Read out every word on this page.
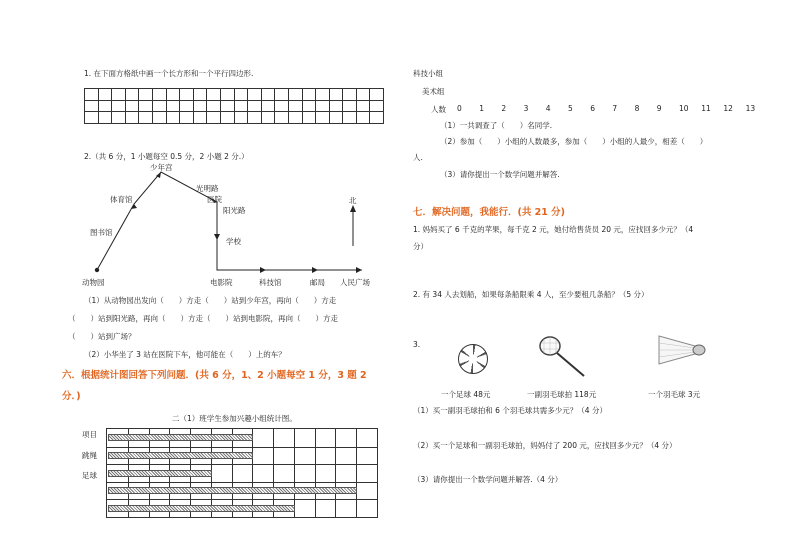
1. 在下面方格纸中画一个长方形和一个平行四边形.

2.（共 6 分，1 小题每空 0.5 分，2 小题 2 分.）
少年宫
光明路
体育馆	医院
阳光路
图书馆
学校
北
动物园	电影院	科技馆	邮局 人民广场
（1）从动物园出发向（　　）方走（　　）站到少年宫，再向（　　）方走
（　　）站到阳光路，再向（　　）方走（　　）站到电影院，再向（　　）方走
（　　）站到广场？
（2）小华坐了 3 站在医院下车，他可能在（　　）上的车？
六．根据统计图回答下列问题．(共 6 分，1、2 小题每空 1 分，3 题 2
分．)
二（1）班学生参加兴趣小组统计图。
项目
跳绳
足球
科技小组
美术组
人数 0 1 2 3 4 5 6 7 8 9 10 11 12 13
（1）一共调查了（　　）名同学.
（2）参加（　　）小组的人数最多，参加（　　）小组的人最少，相差（　　）
人.
（3）请你提出一个数学问题并解答.
七．解决问题，我能行．(共 21 分)
1. 妈妈买了 6 千克的苹果，每千克 2 元，她付给售货员 20 元，应找回多少元？（4
分）
2. 有 34 人去划船，如果每条船限乘 4 人，至少要租几条船？（5 分）
3.
一个足球 48元	一副羽毛球拍 118元	一个羽毛球 3元
（1）买一副羽毛球拍和 6 个羽毛球共需多少元？（4 分）
（2）买一个足球和一副羽毛球拍，妈妈付了 200 元，应找回多少元？（4 分）
（3）请你提出一个数学问题并解答.（4 分）
